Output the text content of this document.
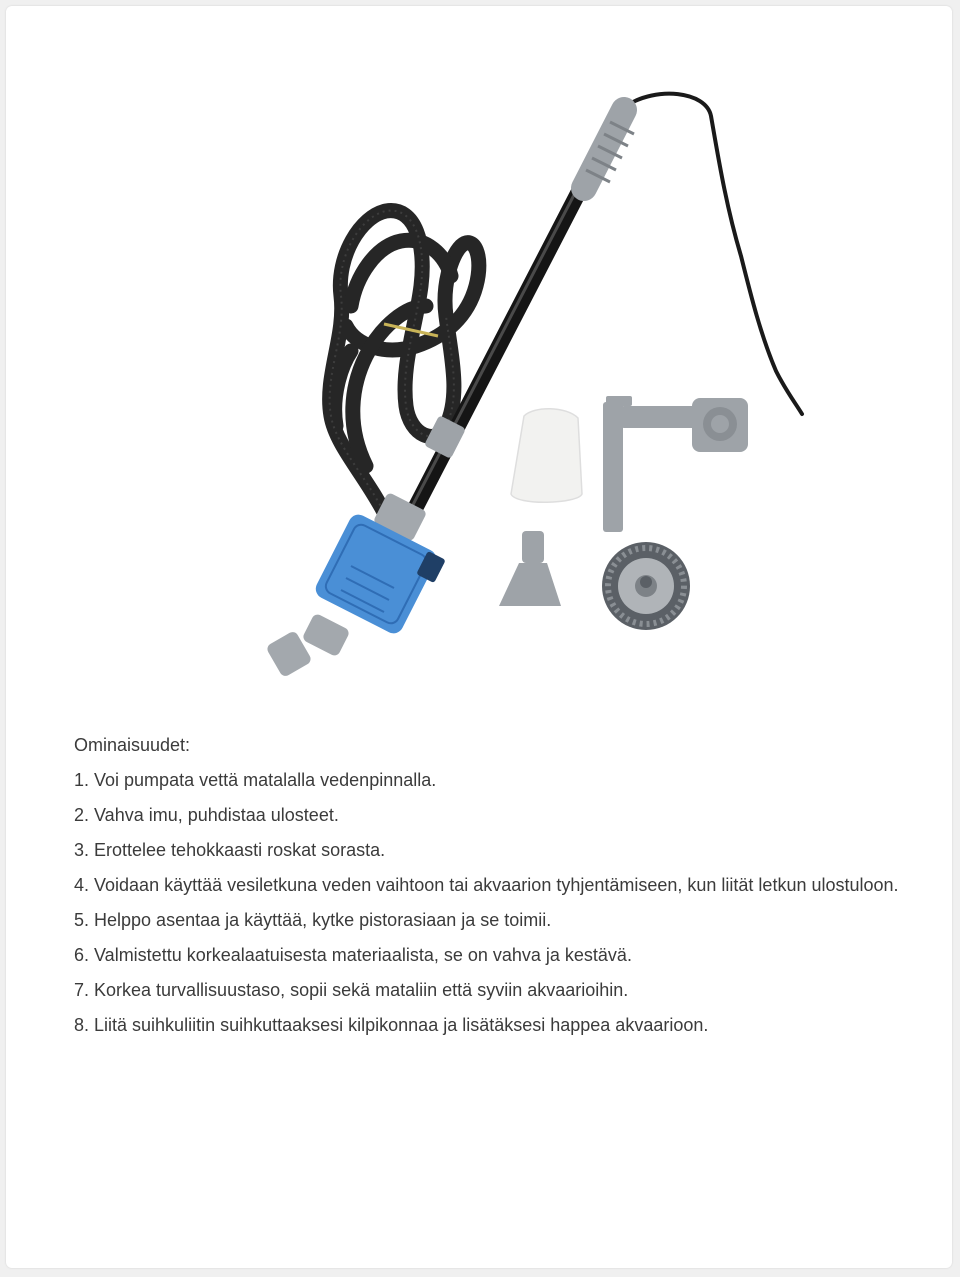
Ominaisuudet:

1. Voi pumpata vettä matalalla vedenpinnalla.

2. Vahva imu, puhdistaa ulosteet.

3. Erottelee tehokkaasti roskat sorasta.

4. Voidaan käyttää vesiletkuna veden vaihtoon tai akvaarion tyhjentämiseen, kun liität letkun ulostuloon.

5. Helppo asentaa ja käyttää, kytke pistorasiaan ja se toimii.

6. Valmistettu korkealaatuisesta materiaalista, se on vahva ja kestävä.

7. Korkea turvallisuustaso, sopii sekä mataliin että syviin akvaarioihin.

8. Liitä suihkuliitin suihkuttaaksesi kilpikonnaa ja lisätäksesi happea akvaarioon.
